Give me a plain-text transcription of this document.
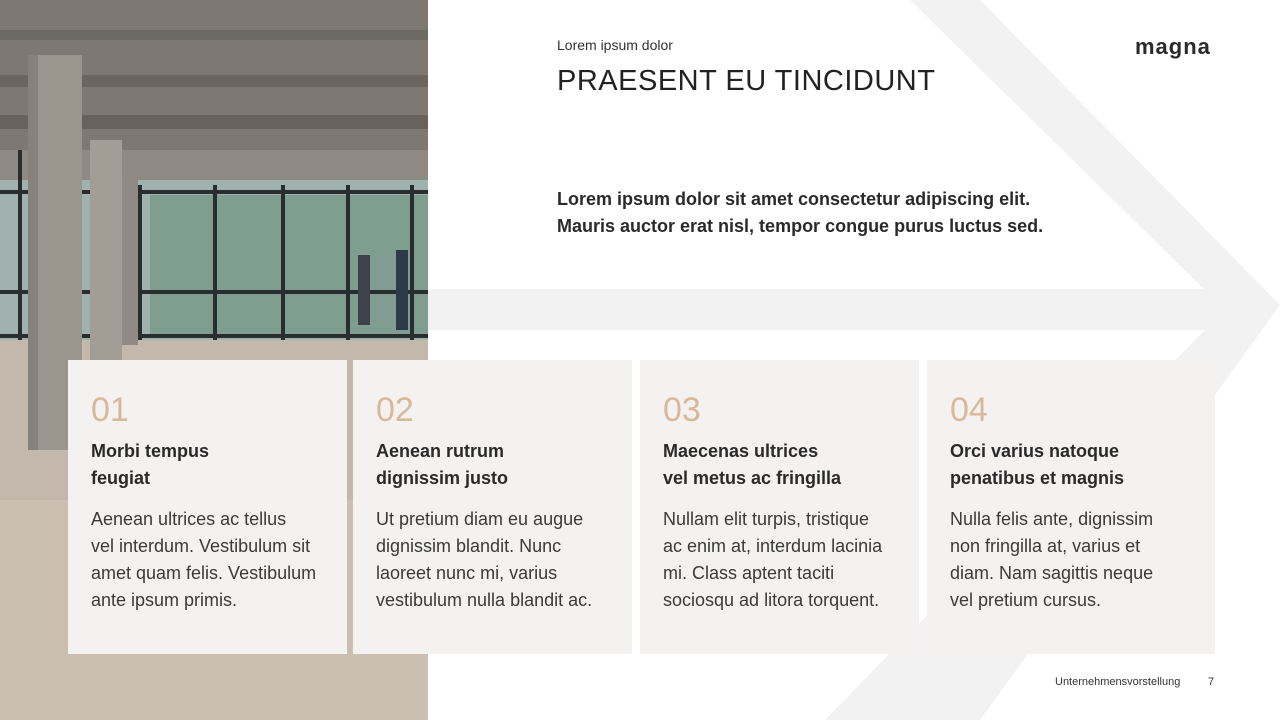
Lorem ipsum dolor
PRAESENT EU TINCIDUNT
magna
Lorem ipsum dolor sit amet consectetur adipiscing elit.
Mauris auctor erat nisl, tempor congue purus luctus sed.
01
Morbi tempus
feugiat
Aenean ultrices ac tellus
vel interdum. Vestibulum sit
amet quam felis. Vestibulum
ante ipsum primis.
02
Aenean rutrum
dignissim justo
Ut pretium diam eu augue
dignissim blandit. Nunc
laoreet nunc mi, varius
vestibulum nulla blandit ac.
03
Maecenas ultrices
vel metus ac fringilla
Nullam elit turpis, tristique
ac enim at, interdum lacinia
mi. Class aptent taciti
sociosqu ad litora torquent.
04
Orci varius natoque
penatibus et magnis
Nulla felis ante, dignissim
non fringilla at, varius et
diam. Nam sagittis neque
vel pretium cursus.
Unternehmensvorstellung	7
